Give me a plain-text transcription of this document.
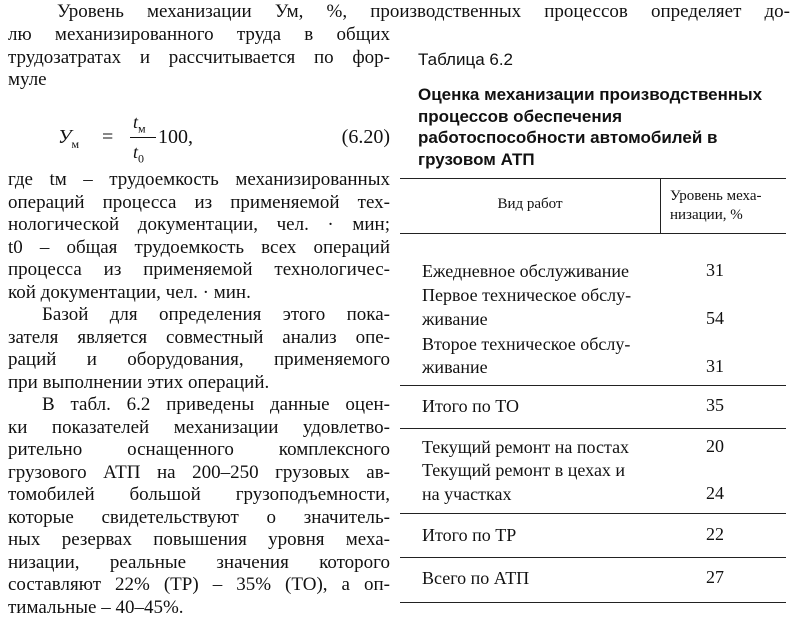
Уровень механизации Ум, %, производственных процессов определяет до-
лю механизированного труда в общих
трудозатратах и рассчитывается по фор-
муле
где tм – трудоемкость механизированных
операций процесса из применяемой тех-
нологической документации, чел. · мин;
t0 – общая трудоемкость всех операций
процесса из применяемой технологичес-
кой документации, чел. · мин.
Базой для определения этого пока-
зателя является совместный анализ опе-
раций и оборудования, применяемого
при выполнении этих операций.
В табл. 6.2 приведены данные оцен-
ки показателей механизации удовлетво-
рительно оснащенного комплексного
грузового АТП на 200–250 грузовых ав-
томобилей большой грузоподъемности,
которые свидетельствуют о значитель-
ных резервах повышения уровня меха-
низации, реальные значения которого
составляют 22% (ТР) – 35% (ТО), а оп-
тимальные – 40–45%.
$У_м$ =
$t_м$
$t_0$
100,	(6.20)
Таблица 6.2
Оценка механизации производственных процессов обеспечения работоспособности автомобилей в грузовом АТП
Вид работ	Уровень меха-низации, %
Ежедневное обслуживание	31
Первое техническое обслу-
живание	54
Второе техническое обслу-
живание	31
Итого по ТО	35
Текущий ремонт на постах	20
Текущий ремонт в цехах и
на участках	24
Итого по ТР	22
Всего по АТП	27
